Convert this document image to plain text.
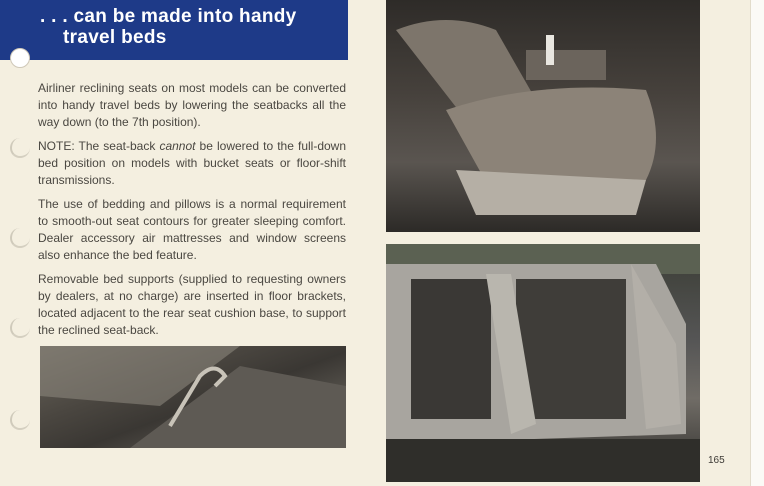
. . . can be made into handy
travel beds

Airliner reclining seats on most models can be converted into handy travel beds by lowering the seatbacks all the way down (to the 7th position).

NOTE: The seat-back cannot be lowered to the full-down bed position on models with bucket seats or floor-shift transmissions.

The use of bedding and pillows is a normal requirement to smooth-out seat contours for greater sleeping comfort. Dealer accessory air mattresses and window screens also enhance the bed feature.

Removable bed supports (supplied to requesting owners by dealers, at no charge) are inserted in floor brackets, located adjacent to the rear seat cushion base, to support the reclined seat-back.

165
